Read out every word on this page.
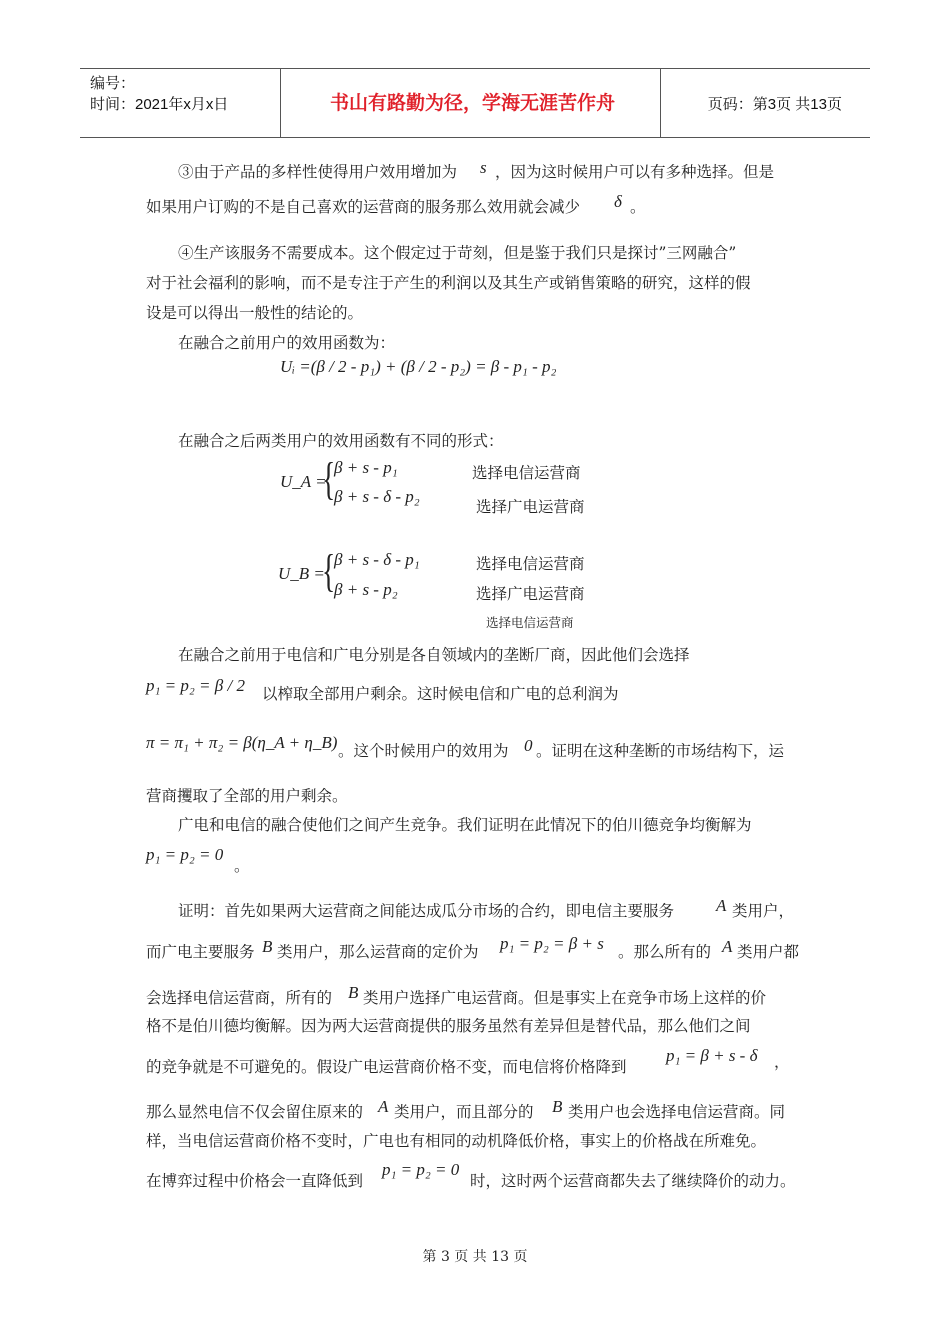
编号：
时间：2021年x月x日	书山有路勤为径，学海无涯苦作舟	页码：第3页 共13页
③由于产品的多样性使得用户效用增加为 s ，因为这时候用户可以有多种选择。但是
如果用户订购的不是自己喜欢的运营商的服务那么效用就会减少 δ 。
④生产该服务不需要成本。这个假定过于苛刻，但是鉴于我们只是探讨”三网融合”
对于社会福利的影响，而不是专注于产生的利润以及其生产或销售策略的研究，这样的假
设是可以得出一般性的结论的。
在融合之前用户的效用函数为：
Uᵢ =(β / 2 - p₁) + (β / 2 - p₂) = β - p₁ - p₂
在融合之后两类用户的效用函数有不同的形式：
U_A =
{
β + s - p₁
β + s - δ - p₂
选择电信运营商
选择广电运营商
U_B =
{
β + s - δ - p₁
β + s - p₂
选择电信运营商
选择广电运营商
选择电信运营商
在融合之前用于电信和广电分别是各自领域内的垄断厂商，因此他们会选择
p₁ = p₂ = β / 2 以榨取全部用户剩余。这时候电信和广电的总利润为
π = π₁ + π₂ = β(η_A + η_B) 。这个时候用户的效用为 0 。证明在这种垄断的市场结构下，运
营商攫取了全部的用户剩余。
广电和电信的融合使他们之间产生竞争。我们证明在此情况下的伯川德竞争均衡解为
p₁ = p₂ = 0
。
证明：首先如果两大运营商之间能达成瓜分市场的合约，即电信主要服务 A 类用户，
而广电主要服务 B 类用户，那么运营商的定价为 p₁ = p₂ = β + s 。那么所有的 A 类用户都
会选择电信运营商，所有的 B 类用户选择广电运营商。但是事实上在竞争市场上这样的价
格不是伯川德均衡解。因为两大运营商提供的服务虽然有差异但是替代品，那么他们之间
的竞争就是不可避免的。假设广电运营商价格不变，而电信将价格降到
p₁ = β + s - δ ，
那么显然电信不仅会留住原来的 A 类用户，而且部分的 B 类用户也会选择电信运营商。同
样，当电信运营商价格不变时，广电也有相同的动机降低价格，事实上的价格战在所难免。
在博弈过程中价格会一直降低到
p₁ = p₂ = 0
时，这时两个运营商都失去了继续降价的动力。
第 3 页 共 13 页
